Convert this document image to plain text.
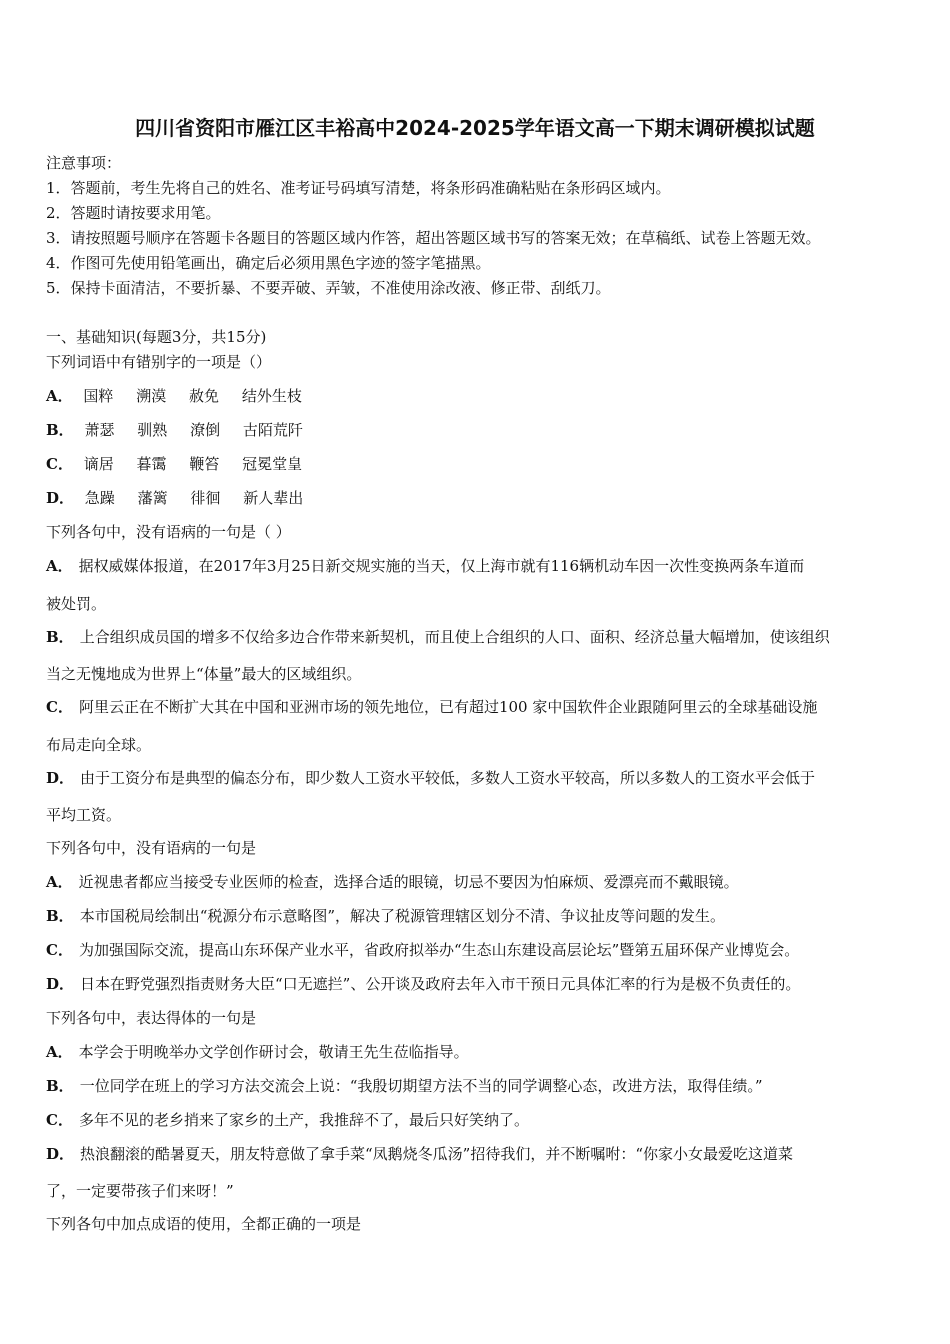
四川省资阳市雁江区丰裕高中2024-2025学年语文高一下期末调研模拟试题
注意事项：
1．答题前，考生先将自己的姓名、准考证号码填写清楚，将条形码准确粘贴在条形码区域内。
2．答题时请按要求用笔。
3．请按照题号顺序在答题卡各题目的答题区域内作答，超出答题区域书写的答案无效；在草稿纸、试卷上答题无效。
4．作图可先使用铅笔画出，确定后必须用黑色字迹的签字笔描黑。
5．保持卡面清洁，不要折暴、不要弄破、弄皱，不准使用涂改液、修正带、刮纸刀。
一、基础知识(每题3分，共15分)
下列词语中有错别字的一项是（）
A． 国粹 溯漠 赦免 结外生枝
B． 萧瑟 驯熟 潦倒 古陌荒阡
C． 谪居 暮霭 鞭笞 冠冕堂皇
D． 急躁 藩篱 徘徊 新人辈出
下列各句中，没有语病的一句是（ ）
A． 据权威媒体报道，在2017年3月25日新交规实施的当天，仅上海市就有116辆机动车因一次性变换两条车道而
被处罚。
B． 上合组织成员国的增多不仅给多边合作带来新契机，而且使上合组织的人口、面积、经济总量大幅增加，使该组织
当之无愧地成为世界上“体量”最大的区域组织。
C． 阿里云正在不断扩大其在中国和亚洲市场的领先地位，已有超过100 家中国软件企业跟随阿里云的全球基础设施
布局走向全球。
D． 由于工资分布是典型的偏态分布，即少数人工资水平较低，多数人工资水平较高，所以多数人的工资水平会低于
平均工资。
下列各句中，没有语病的一句是
A． 近视患者都应当接受专业医师的检查，选择合适的眼镜，切忌不要因为怕麻烦、爱漂亮而不戴眼镜。
B． 本市国税局绘制出“税源分布示意略图”，解决了税源管理辖区划分不清、争议扯皮等问题的发生。
C． 为加强国际交流，提高山东环保产业水平，省政府拟举办“生态山东建设高层论坛”暨第五届环保产业博览会。
D． 日本在野党强烈指责财务大臣“口无遮拦”、公开谈及政府去年入市干预日元具体汇率的行为是极不负责任的。
下列各句中，表达得体的一句是
A． 本学会于明晚举办文学创作研讨会，敬请王先生莅临指导。
B． 一位同学在班上的学习方法交流会上说：“我殷切期望方法不当的同学调整心态，改进方法，取得佳绩。”
C． 多年不见的老乡捎来了家乡的土产，我推辞不了，最后只好笑纳了。
D． 热浪翻滚的酷暑夏天，朋友特意做了拿手菜“凤鹅烧冬瓜汤”招待我们，并不断嘱咐：“你家小女最爱吃这道菜
了，一定要带孩子们来呀！”
下列各句中加点成语的使用，全都正确的一项是
